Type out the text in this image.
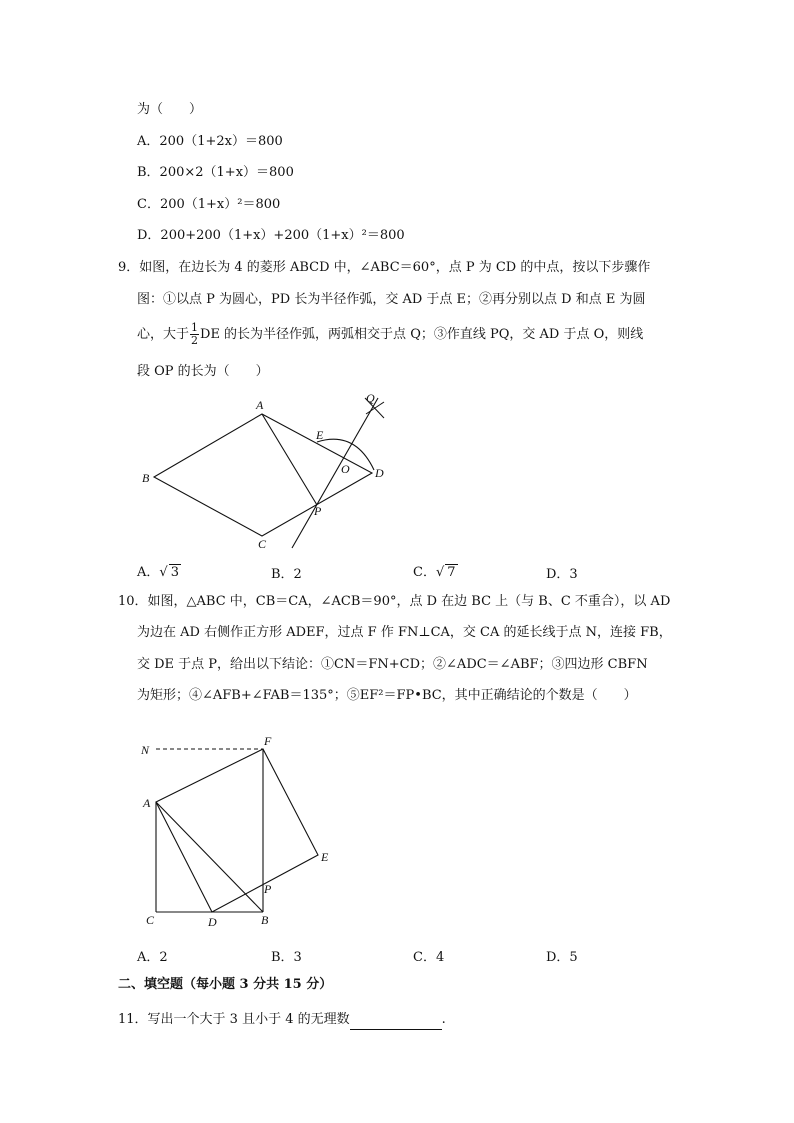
为（　　）
A．200（1+2x）＝800
B．200×2（1+x）＝800
C．200（1+x）²＝800
D．200+200（1+x）+200（1+x）²＝800
9．如图，在边长为 4 的菱形 ABCD 中，∠ABC＝60°，点 P 为 CD 的中点，按以下步骤作
图：①以点 P 为圆心，PD 长为半径作弧，交 AD 于点 E；②再分别以点 D 和点 E 为圆
心，大于 $\frac{1}{2}$ DE 的长为半径作弧，两弧相交于点 Q；③作直线 PQ，交 AD 于点 O，则线
段 OP 的长为（　　）
A
B
C
D
E
O
P
Q
A．√ 3	B．2	C．√ 7	D．3
10．如图，△ABC 中，CB＝CA，∠ACB＝90°，点 D 在边 BC 上（与 B、C 不重合），以 AD
为边在 AD 右侧作正方形 ADEF，过点 F 作 FN⊥CA，交 CA 的延长线于点 N，连接 FB，
交 DE 于点 P，给出以下结论：①CN＝FN+CD；②∠ADC＝∠ABF；③四边形 CBFN
为矩形；④∠AFB+∠FAB＝135°；⑤EF²＝FP•BC，其中正确结论的个数是（　　）
N
F
A
E
P
C	D	B
A．2	B．3	C．4	D．5
二、填空题（每小题 3 分共 15 分）
11．写出一个大于 3 且小于 4 的无理数	.
